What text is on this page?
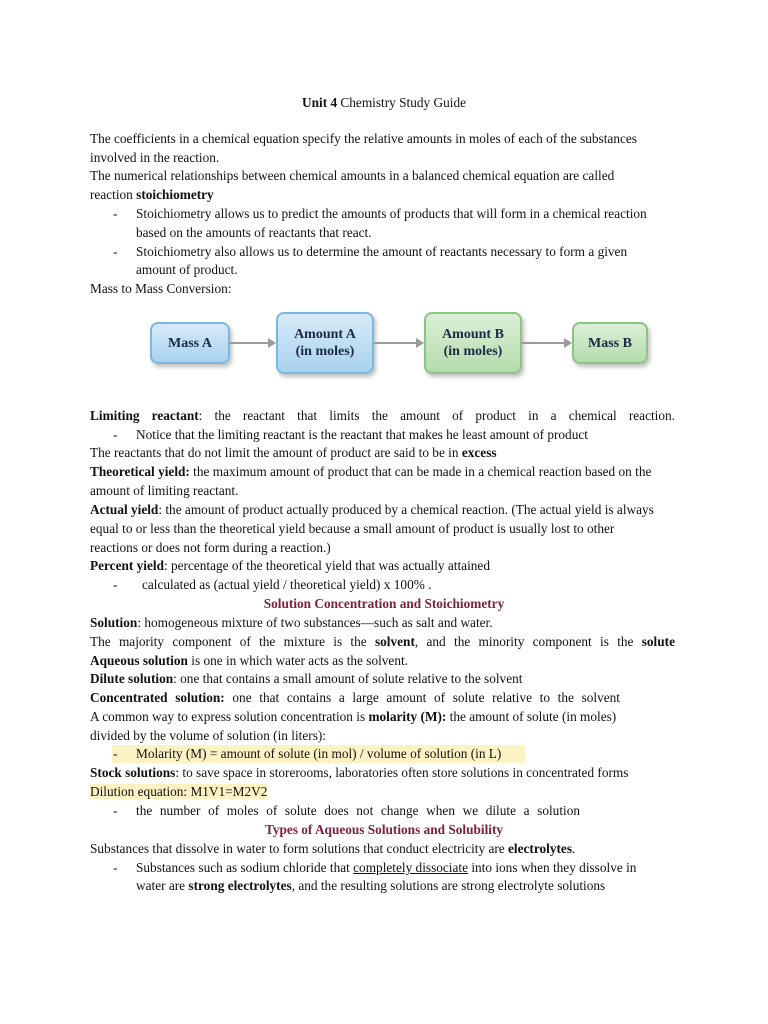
Unit 4 Chemistry Study Guide
The coefficients in a chemical equation specify the relative amounts in moles of each of the substances
involved in the reaction.
The numerical relationships between chemical amounts in a balanced chemical equation are called
reaction stoichiometry
- Stoichiometry allows us to predict the amounts of products that will form in a chemical reaction
based on the amounts of reactants that react.
- Stoichiometry also allows us to determine the amount of reactants necessary to form a given
amount of product.
Mass to Mass Conversion:
Mass A
Amount A
(in moles)
Amount B
(in moles)
Mass B
Limiting reactant: the reactant that limits the amount of product in a chemical reaction.
- Notice that the limiting reactant is the reactant that makes he least amount of product
The reactants that do not limit the amount of product are said to be in excess
Theoretical yield: the maximum amount of product that can be made in a chemical reaction based on the
amount of limiting reactant.
Actual yield: the amount of product actually produced by a chemical reaction. (The actual yield is always
equal to or less than the theoretical yield because a small amount of product is usually lost to other
reactions or does not form during a reaction.)
Percent yield: percentage of the theoretical yield that was actually attained
- calculated as (actual yield / theoretical yield) x 100% .
Solution Concentration and Stoichiometry
Solution: homogeneous mixture of two substances—such as salt and water.
The majority component of the mixture is the solvent, and the minority component is the solute
Aqueous solution is one in which water acts as the solvent.
Dilute solution: one that contains a small amount of solute relative to the solvent
Concentrated solution: one that contains a large amount of solute relative to the solvent
A common way to express solution concentration is molarity (M): the amount of solute (in moles)
divided by the volume of solution (in liters):
- Molarity (M) = amount of solute (in mol) / volume of solution (in L)
Stock solutions: to save space in storerooms, laboratories often store solutions in concentrated forms
Dilution equation: M1V1=M2V2
- the number of moles of solute does not change when we dilute a solution
Types of Aqueous Solutions and Solubility
Substances that dissolve in water to form solutions that conduct electricity are electrolytes.
- Substances such as sodium chloride that completely dissociate into ions when they dissolve in
water are strong electrolytes, and the resulting solutions are strong electrolyte solutions
